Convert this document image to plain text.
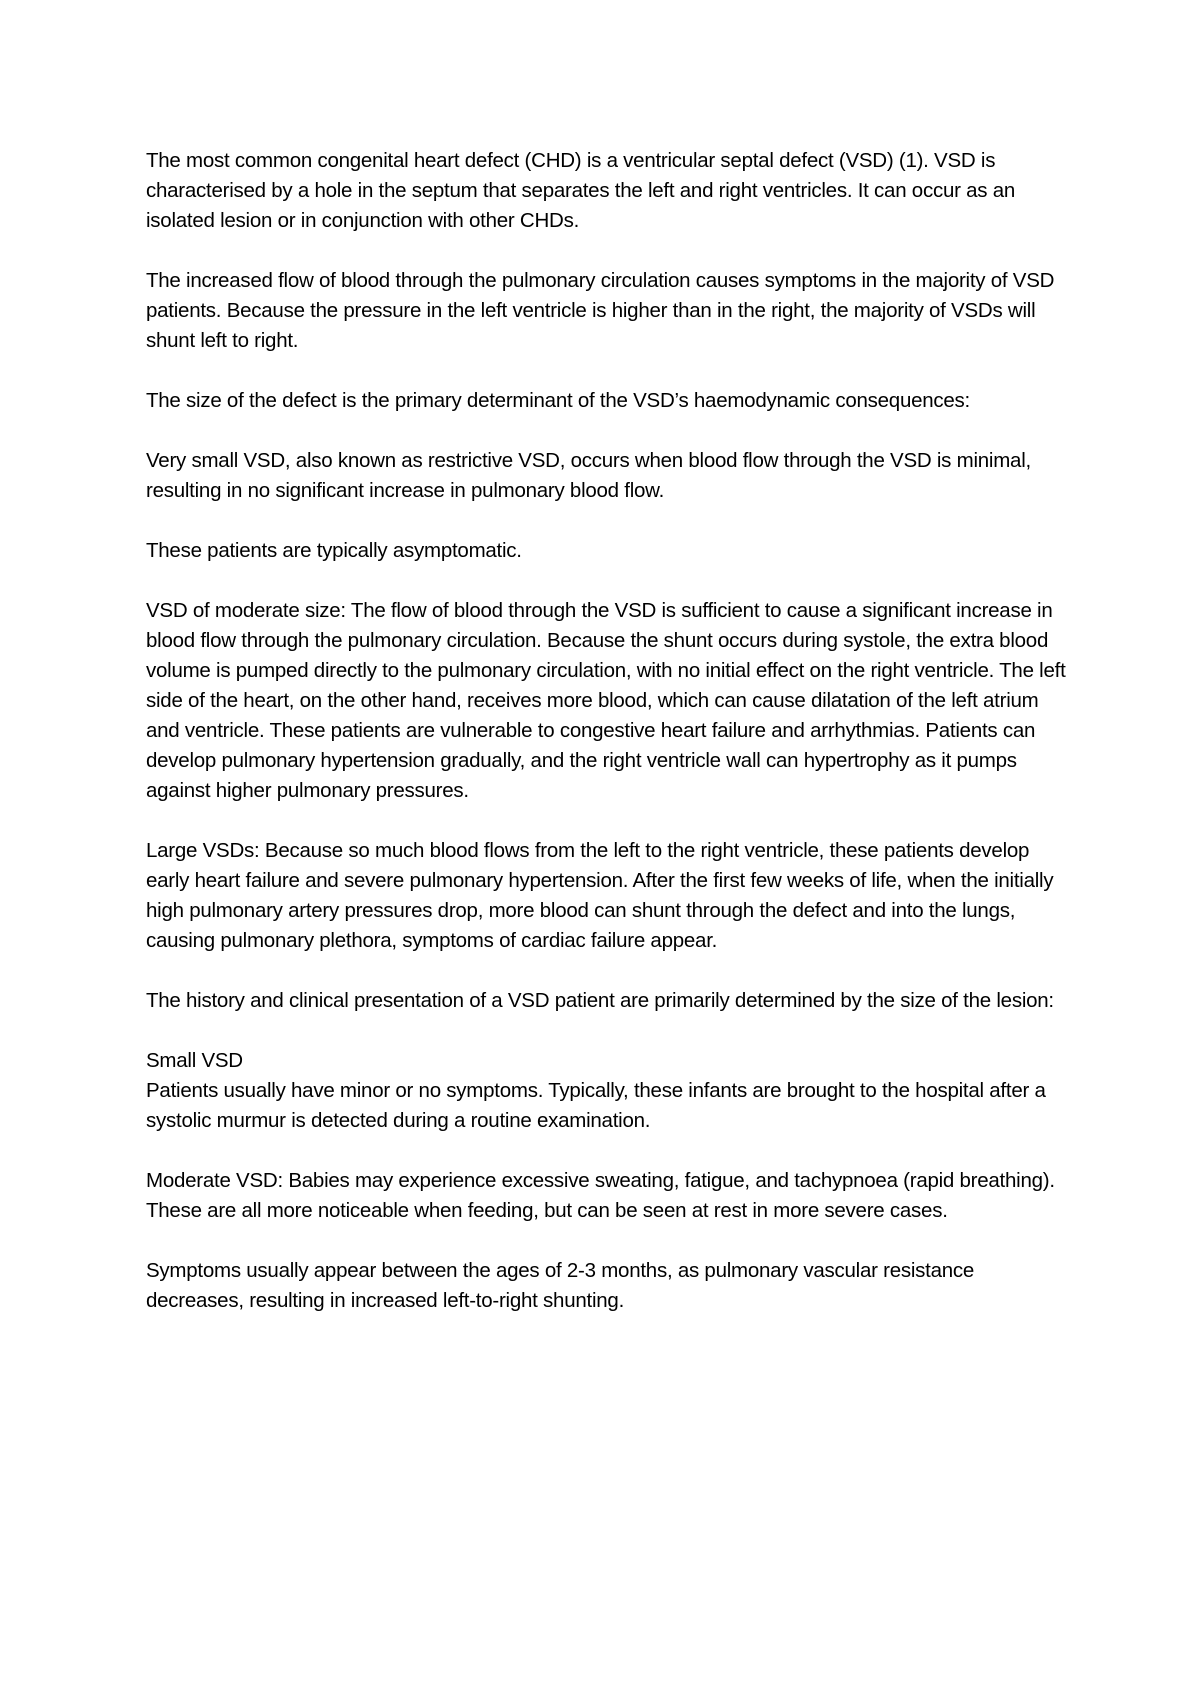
The most common congenital heart defect (CHD) is a ventricular septal defect (VSD) (1). VSD is characterised by a hole in the septum that separates the left and right ventricles. It can occur as an isolated lesion or in conjunction with other CHDs.

The increased flow of blood through the pulmonary circulation causes symptoms in the majority of VSD patients. Because the pressure in the left ventricle is higher than in the right, the majority of VSDs will shunt left to right.

The size of the defect is the primary determinant of the VSD’s haemodynamic consequences:

Very small VSD, also known as restrictive VSD, occurs when blood flow through the VSD is minimal, resulting in no significant increase in pulmonary blood flow.

These patients are typically asymptomatic.

VSD of moderate size: The flow of blood through the VSD is sufficient to cause a significant increase in blood flow through the pulmonary circulation. Because the shunt occurs during systole, the extra blood volume is pumped directly to the pulmonary circulation, with no initial effect on the right ventricle. The left side of the heart, on the other hand, receives more blood, which can cause dilatation of the left atrium and ventricle. These patients are vulnerable to congestive heart failure and arrhythmias. Patients can develop pulmonary hypertension gradually, and the right ventricle wall can hypertrophy as it pumps against higher pulmonary pressures.

Large VSDs: Because so much blood flows from the left to the right ventricle, these patients develop early heart failure and severe pulmonary hypertension. After the first few weeks of life, when the initially high pulmonary artery pressures drop, more blood can shunt through the defect and into the lungs, causing pulmonary plethora, symptoms of cardiac failure appear.

The history and clinical presentation of a VSD patient are primarily determined by the size of the lesion:

Small VSD

Patients usually have minor or no symptoms. Typically, these infants are brought to the hospital after a systolic murmur is detected during a routine examination.

Moderate VSD: Babies may experience excessive sweating, fatigue, and tachypnoea (rapid breathing). These are all more noticeable when feeding, but can be seen at rest in more severe cases.

Symptoms usually appear between the ages of 2-3 months, as pulmonary vascular resistance decreases, resulting in increased left-to-right shunting.
